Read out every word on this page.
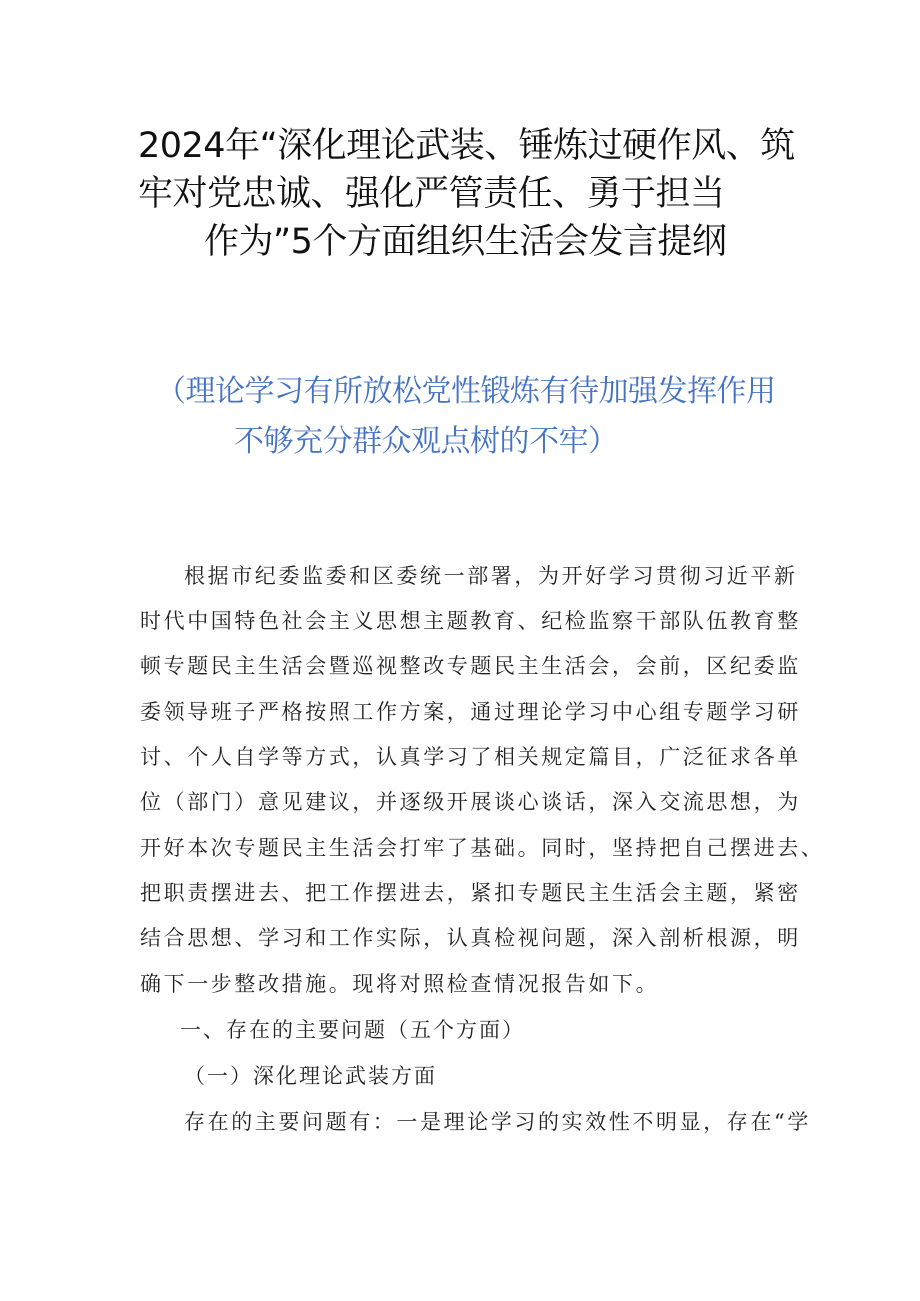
2024年“深化理论武装、锤炼过硬作风、筑
牢对党忠诚、强化严管责任、勇于担当
作为”5个方面组织生活会发言提纲
（理论学习有所放松党性锻炼有待加强发挥作用
不够充分群众观点树的不牢）
根据市纪委监委和区委统一部署，为开好学习贯彻习近平新
时代中国特色社会主义思想主题教育、纪检监察干部队伍教育整
顿专题民主生活会暨巡视整改专题民主生活会，会前，区纪委监
委领导班子严格按照工作方案，通过理论学习中心组专题学习研
讨、个人自学等方式，认真学习了相关规定篇目，广泛征求各单
位（部门）意见建议，并逐级开展谈心谈话，深入交流思想，为
开好本次专题民主生活会打牢了基础。同时，坚持把自己摆进去、
把职责摆进去、把工作摆进去，紧扣专题民主生活会主题，紧密
结合思想、学习和工作实际，认真检视问题，深入剖析根源，明
确下一步整改措施。现将对照检查情况报告如下。
一、存在的主要问题（五个方面）
（一）深化理论武装方面
存在的主要问题有：一是理论学习的实效性不明显，存在“学
